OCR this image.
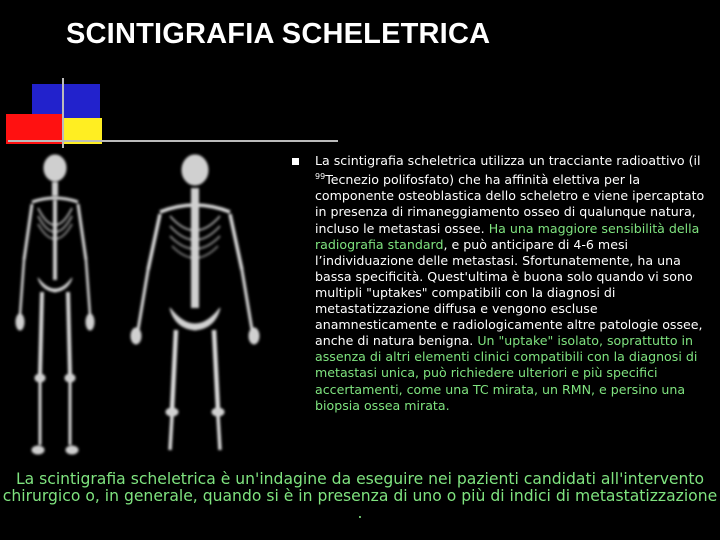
SCINTIGRAFIA SCHELETRICA
La scintigrafia scheletrica utilizza un tracciante radioattivo (il $^{99}$Tecnezio polifosfato) che ha affinità elettiva per la componente osteoblastica dello scheletro e viene ipercaptato in presenza di rimaneggiamento osseo di qualunque natura, incluso le metastasi ossee. Ha una maggiore sensibilità della radiografia standard, e può anticipare di 4-6 mesi l’individuazione delle metastasi. Sfortunatemente, ha una bassa specificità. Quest'ultima è buona solo quando vi sono multipli "uptakes" compatibili con la diagnosi di metastatizzazione diffusa e vengono escluse anamnesticamente e radiologicamente altre patologie ossee, anche di natura benigna. Un "uptake" isolato, soprattutto in assenza di altri elementi clinici compatibili con la diagnosi di metastasi unica, può richiedere ulteriori e più specifici accertamenti, come una TC mirata, un RMN, e persino una biopsia ossea mirata.
La scintigrafia scheletrica è un'indagine da eseguire nei pazienti candidati all'intervento chirurgico o, in generale, quando si è in presenza di uno o più di indici di metastatizzazione .
